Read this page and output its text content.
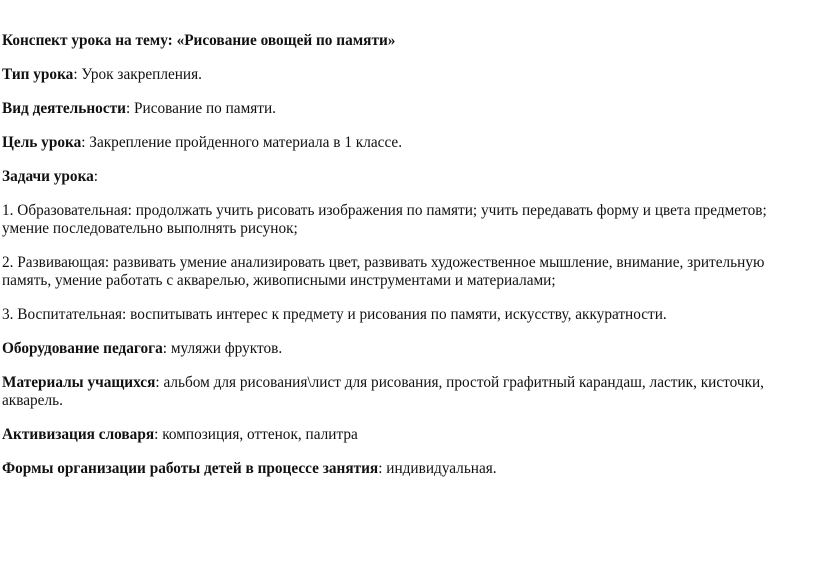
Конспект урока на тему: «Рисование овощей по памяти»

Тип урока: Урок закрепления.

Вид деятельности: Рисование по памяти.

Цель урока: Закрепление пройденного материала в 1 классе.

Задачи урока:

1. Образовательная: продолжать учить рисовать изображения по памяти; учить передавать форму и цвета предметов; умение последовательно выполнять рисунок;

2. Развивающая: развивать умение анализировать цвет, развивать художественное мышление, внимание, зрительную память, умение работать с акварелью, живописными инструментами и материалами;

3. Воспитательная: воспитывать интерес к предмету и рисования по памяти, искусству, аккуратности.

Оборудование педагога: муляжи фруктов.

Материалы учащихся: альбом для рисования\лист для рисования, простой графитный карандаш, ластик, кисточки, акварель.

Активизация словаря: композиция, оттенок, палитра

Формы организации работы детей в процессе занятия: индивидуальная.
